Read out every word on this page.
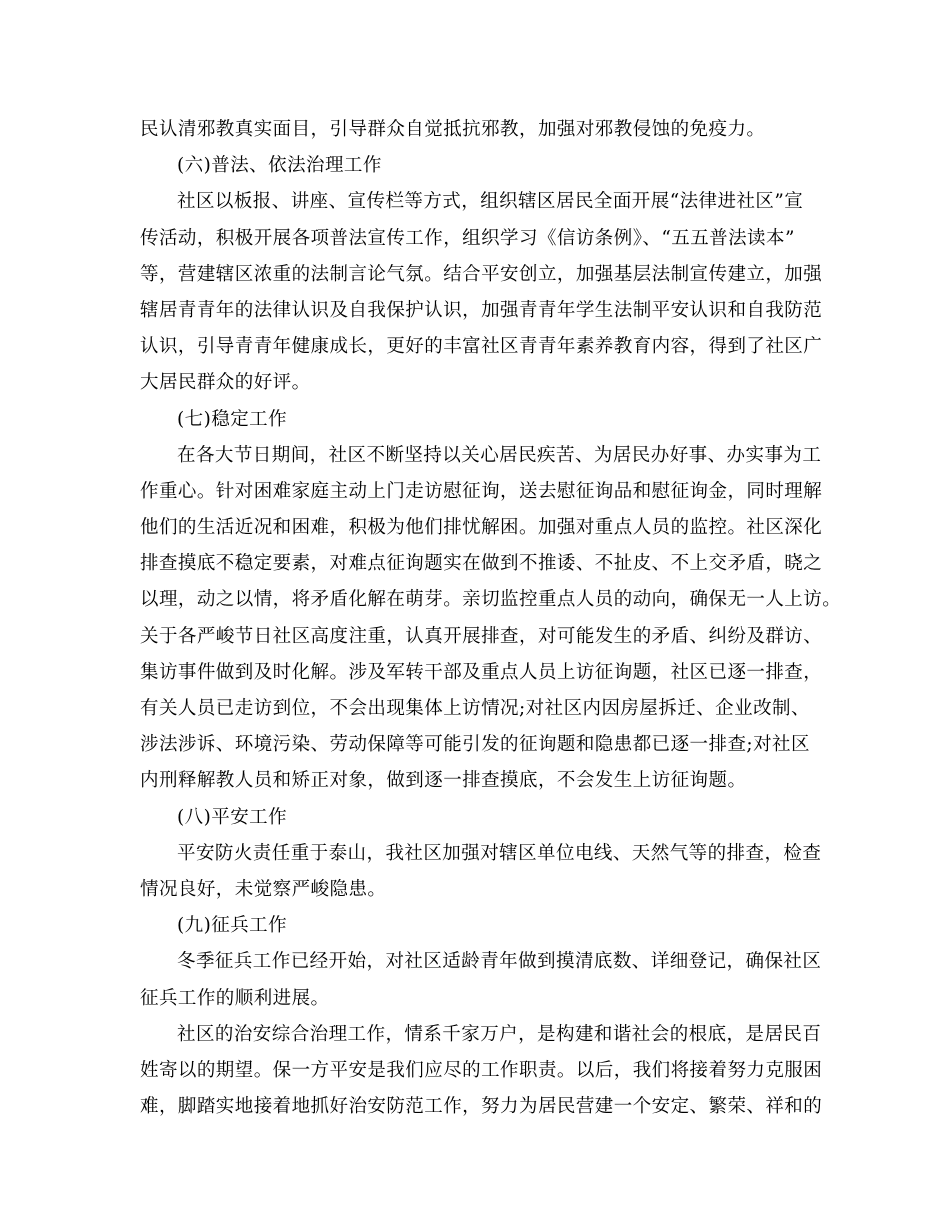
民认清邪教真实面目，引导群众自觉抵抗邪教，加强对邪教侵蚀的免疫力。
(六)普法、依法治理工作
社区以板报、讲座、宣传栏等方式，组织辖区居民全面开展“法律进社区”宣
传活动，积极开展各项普法宣传工作，组织学习《信访条例》、“五五普法读本”
等，营建辖区浓重的法制言论气氛。结合平安创立，加强基层法制宣传建立，加强
辖居青青年的法律认识及自我保护认识，加强青青年学生法制平安认识和自我防范
认识，引导青青年健康成长，更好的丰富社区青青年素养教育内容，得到了社区广
大居民群众的好评。
(七)稳定工作
在各大节日期间，社区不断坚持以关心居民疾苦、为居民办好事、办实事为工
作重心。针对困难家庭主动上门走访慰征询，送去慰征询品和慰征询金，同时理解
他们的生活近况和困难，积极为他们排忧解困。加强对重点人员的监控。社区深化
排查摸底不稳定要素，对难点征询题实在做到不推诿、不扯皮、不上交矛盾，晓之
以理，动之以情，将矛盾化解在萌芽。亲切监控重点人员的动向，确保无一人上访。
关于各严峻节日社区高度注重，认真开展排查，对可能发生的矛盾、纠纷及群访、
集访事件做到及时化解。涉及军转干部及重点人员上访征询题，社区已逐一排查，
有关人员已走访到位，不会出现集体上访情况;对社区内因房屋拆迁、企业改制、
涉法涉诉、环境污染、劳动保障等可能引发的征询题和隐患都已逐一排查;对社区
内刑释解教人员和矫正对象，做到逐一排查摸底，不会发生上访征询题。
(八)平安工作
平安防火责任重于泰山，我社区加强对辖区单位电线、天然气等的排查，检查
情况良好，未觉察严峻隐患。
(九)征兵工作
冬季征兵工作已经开始，对社区适龄青年做到摸清底数、详细登记，确保社区
征兵工作的顺利进展。
社区的治安综合治理工作，情系千家万户，是构建和谐社会的根底，是居民百
姓寄以的期望。保一方平安是我们应尽的工作职责。以后，我们将接着努力克服困
难，脚踏实地接着地抓好治安防范工作，努力为居民营建一个安定、繁荣、祥和的
